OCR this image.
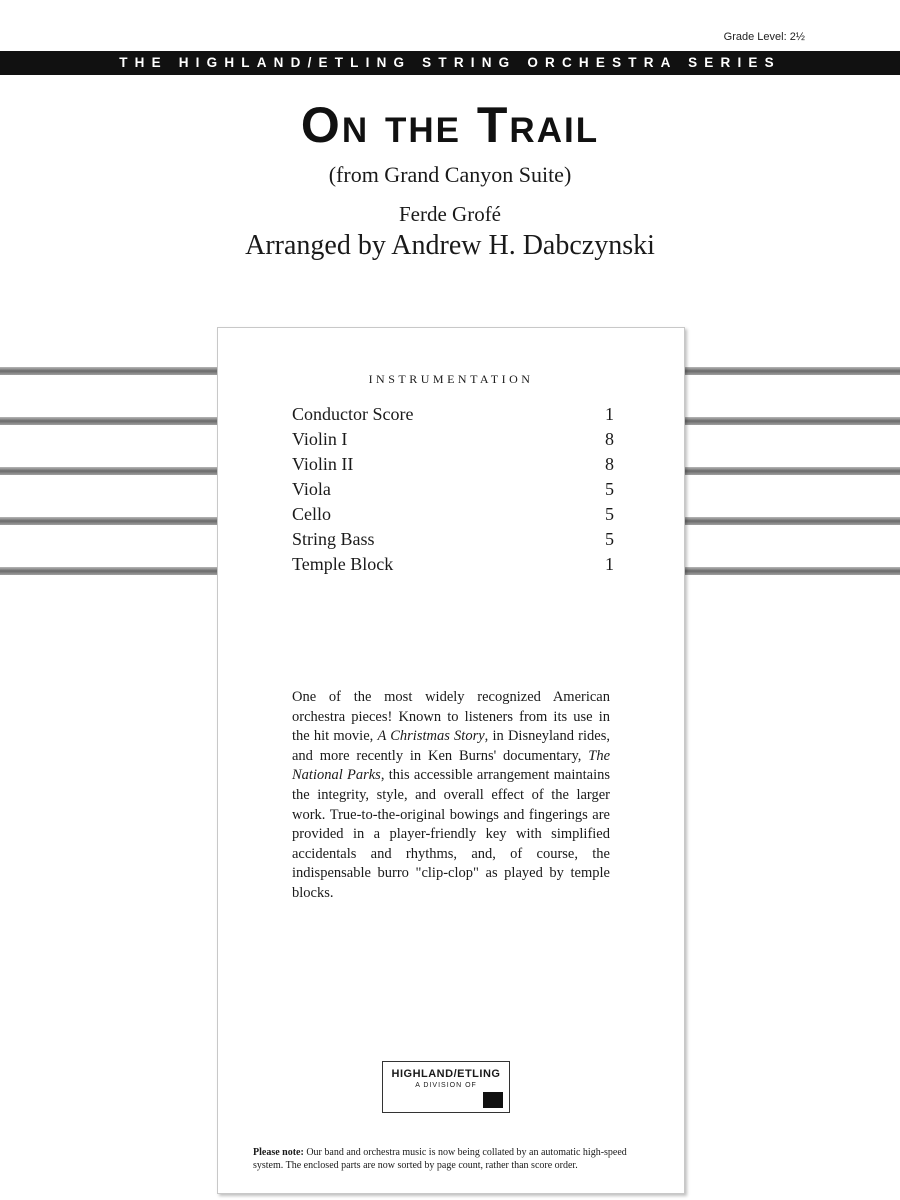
Grade Level: 2½
THE HIGHLAND/ETLING STRING ORCHESTRA SERIES
On the Trail
(from Grand Canyon Suite)
Ferde Grofé
Arranged by Andrew H. Dabczynski
INSTRUMENTATION
Conductor Score	1
Violin I	8
Violin II	8
Viola	5
Cello	5
String Bass	5
Temple Block	1
One of the most widely recognized American orchestra pieces! Known to listeners from its use in the hit movie, A Christmas Story, in Disneyland rides, and more recently in Ken Burns' documentary, The National Parks, this accessible arrangement maintains the integrity, style, and overall effect of the larger work. True-to-the-original bowings and fingerings are provided in a player-friendly key with simplified accidentals and rhythms, and, of course, the indispensable burro "clip-clop" as played by temple blocks.
HIGHLAND/ETLING
A DIVISION OF
Please note: Our band and orchestra music is now being collated by an automatic high-speed system. The enclosed parts are now sorted by page count, rather than score order.
